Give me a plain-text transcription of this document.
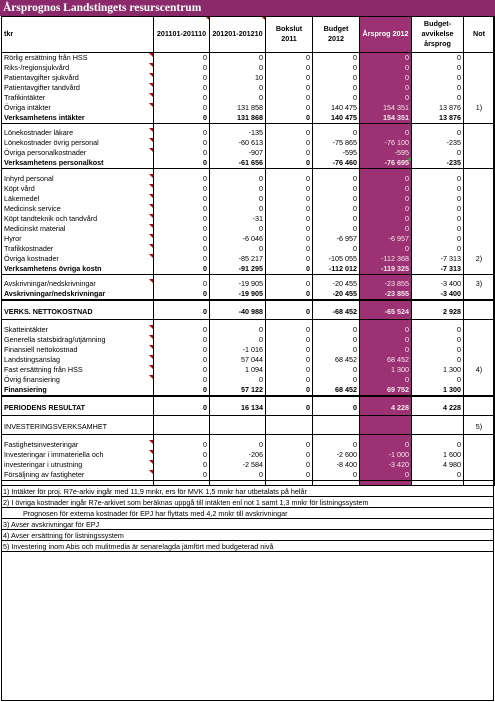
Årsprognos Landstingets resurscentrum
tkr	201101-201110	201201-201210	Bokslut 2011	Budget 2012	Årsprog 2012	Budget-avvikelse årsprog	Not
Rörlig ersättning från HSS	0	0	0	0	0	0	
Riks-/regionsjukvård	0	0	0	0	0	0	
Patientavgifter sjukvård	0	10	0	0	0	0	
Patientavgifter tandvård	0	0	0	0	0	0	
Trafikintäkter	0	0	0	0	0	0	
Övriga intäkter	0	131 858	0	140 475	154 351	13 876	1)
Verksamhetens intäkter	0	131 868	0	140 475	154 351	13 876	

Lönekostnader läkare	0	-135	0	0	0	0	
Lönekostnader övrig personal	0	-60 613	0	-75 865	-76 100	-235	
Övriga personalkostnader	0	-907	0	-595	-595	0	
Verksamhetens personalkost	0	-61 656	0	-76 460	-76 695	-235	

Inhyrd personal	0	0	0	0	0	0	
Köpt vård	0	0	0	0	0	0	
Läkemedel	0	0	0	0	0	0	
Medicinsk service	0	0	0	0	0	0	
Köpt tandteknik och tandvård	0	-31	0	0	0	0	
Medicinskt material	0	0	0	0	0	0	
Hyror	0	-6 046	0	-6 957	-6 957	0	
Trafikkostnader	0	0	0	0	0	0	
Övriga kostnader	0	-85 217	0	-105 055	-112 368	-7 313	2)
Verksamhetens övriga kostn	0	-91 295	0	-112 012	-119 325	-7 313	

Avskrivningar/nedskrivningar	0	-19 905	0	-20 455	-23 855	-3 400	3)
Avskrivningar/nedskrivningar	0	-19 905	0	-20 455	-23 855	-3 400	

VERKS. NETTOKOSTNAD	0	-40 988	0	-68 452	-65 524	2 928	

Skatteintäkter	0	0	0	0	0	0	
Generella statsbidrag/utjämning	0	0	0	0	0	0	
Finansiell nettokostnad	0	-1 016	0	0	0	0	
Landstingsanslag	0	57 044	0	68 452	68 452	0	
Fast ersättning från HSS	0	1 094	0	0	1 300	1 300	4)
Övrig finansiering	0	0	0	0	0	0	
Finansiering	0	57 122	0	68 452	69 752	1 300	

PERIODENS RESULTAT	0	16 134	0	0	4 228	4 228	

INVESTERINGSVERKSAMHET							5)

Fastighetsinvesteringar	0	0	0	0	0	0	
Investeringar i immateriella och	0	-206	0	-2 600	-1 000	1 600	
investeringar i utrustning	0	-2 584	0	-8 400	-3 420	4 980	
Försäljning av fastigheter	0	0	0	0	0	0	

1) Intäkter för proj. R7e-arkiv ingår med 11,9 mnkr, ers för MVK 1,5 mnkr har utbetalats på helår
2) I övriga kostnader ingår R7e-arkivet som beräknas uppgå till intäkten enl not 1 samt 1,3 mnkr för listningssystem
Prognosen för externa kostnader för EPJ har flyttats med 4,2 mnkr till avskrivningar
3) Avser avskrivningar för EPJ
4) Avser ersättning för listningssystem
5) Investering inom Abis och mulitmedia är senarelagda jämfört med budgeterad nivå
